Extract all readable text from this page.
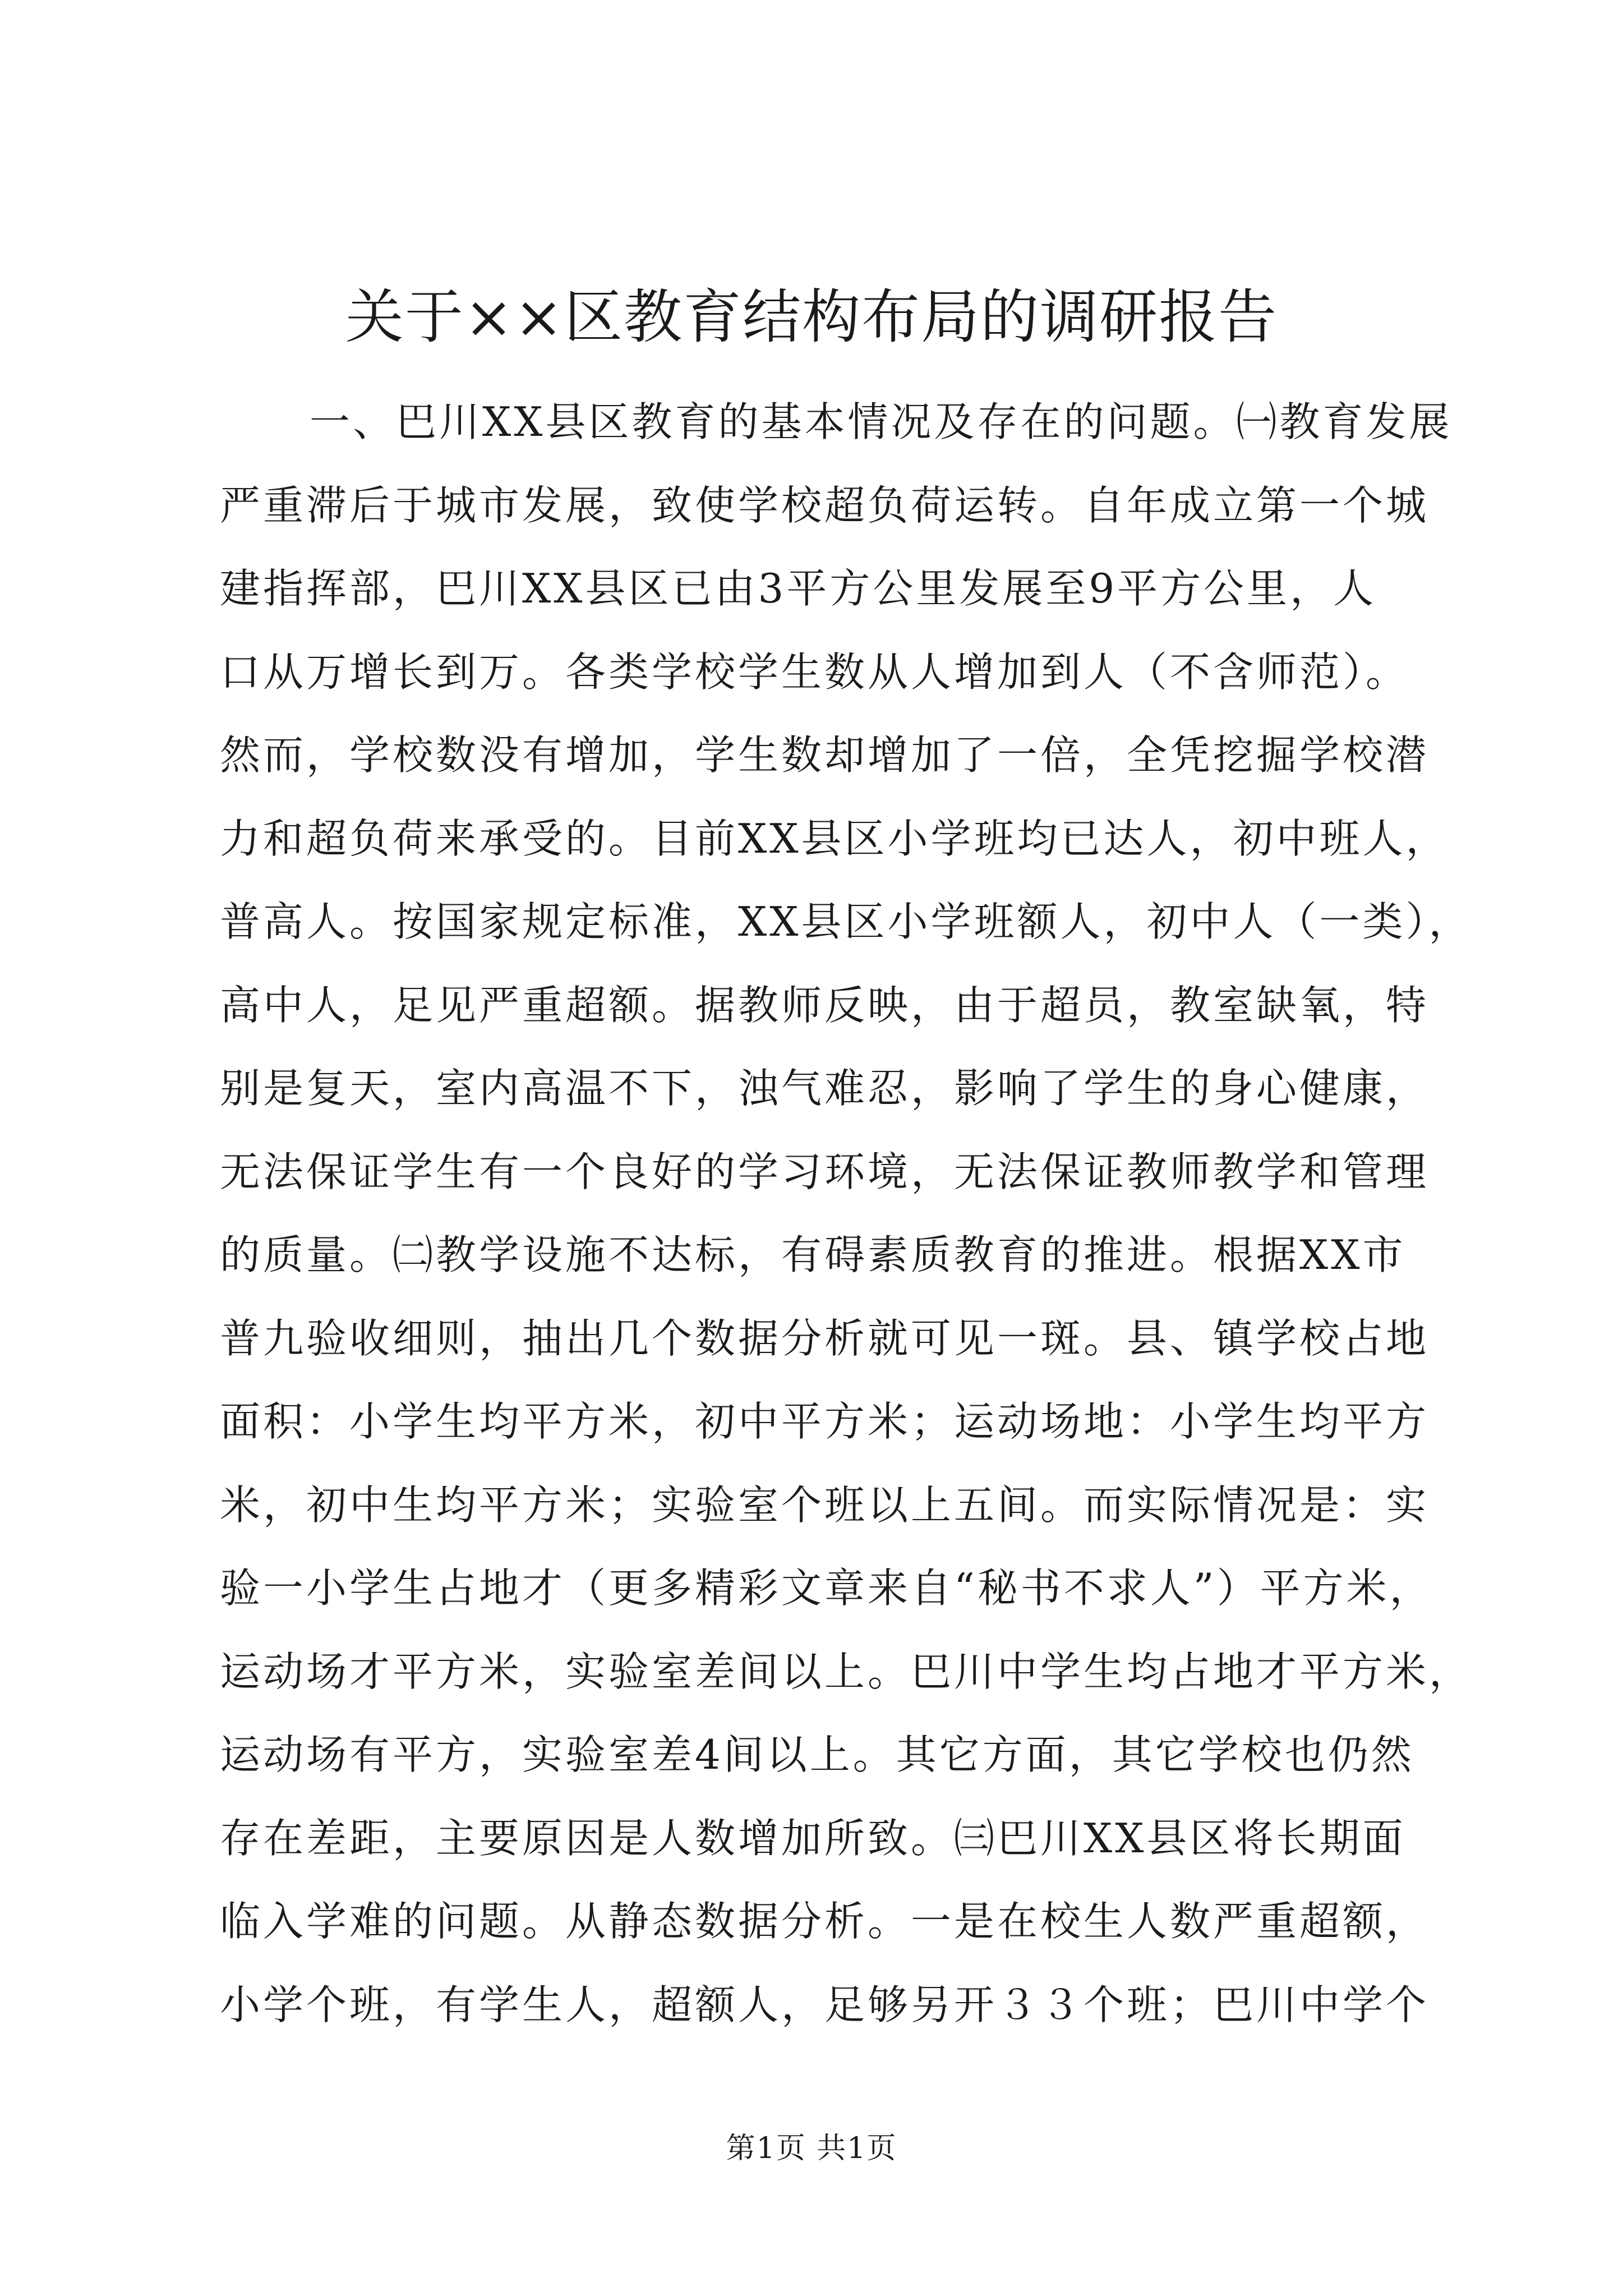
关于××区教育结构布局的调研报告

一、巴川XX县区教育的基本情况及存在的问题。㈠教育发展

严重滞后于城市发展，致使学校超负荷运转。自年成立第一个城

建指挥部，巴川XX县区已由3平方公里发展至9平方公里，人

口从万增长到万。各类学校学生数从人增加到人（不含师范）。

然而，学校数没有增加，学生数却增加了一倍，全凭挖掘学校潜

力和超负荷来承受的。目前XX县区小学班均已达人，初中班人，

普高人。按国家规定标准，XX县区小学班额人，初中人（一类），

高中人，足见严重超额。据教师反映，由于超员，教室缺氧，特

别是复天，室内高温不下，浊气难忍，影响了学生的身心健康，

无法保证学生有一个良好的学习环境，无法保证教师教学和管理

的质量。㈡教学设施不达标，有碍素质教育的推进。根据XX市

普九验收细则，抽出几个数据分析就可见一斑。县、镇学校占地

面积：小学生均平方米，初中平方米；运动场地：小学生均平方

米，初中生均平方米；实验室个班以上五间。而实际情况是：实

验一小学生占地才（更多精彩文章来自“秘书不求人”）平方米，

运动场才平方米，实验室差间以上。巴川中学生均占地才平方米，

运动场有平方，实验室差4间以上。其它方面，其它学校也仍然

存在差距，主要原因是人数增加所致。㈢巴川XX县区将长期面

临入学难的问题。从静态数据分析。一是在校生人数严重超额，

小学个班，有学生人，超额人，足够另开３３个班；巴川中学个

第1页 共1页
